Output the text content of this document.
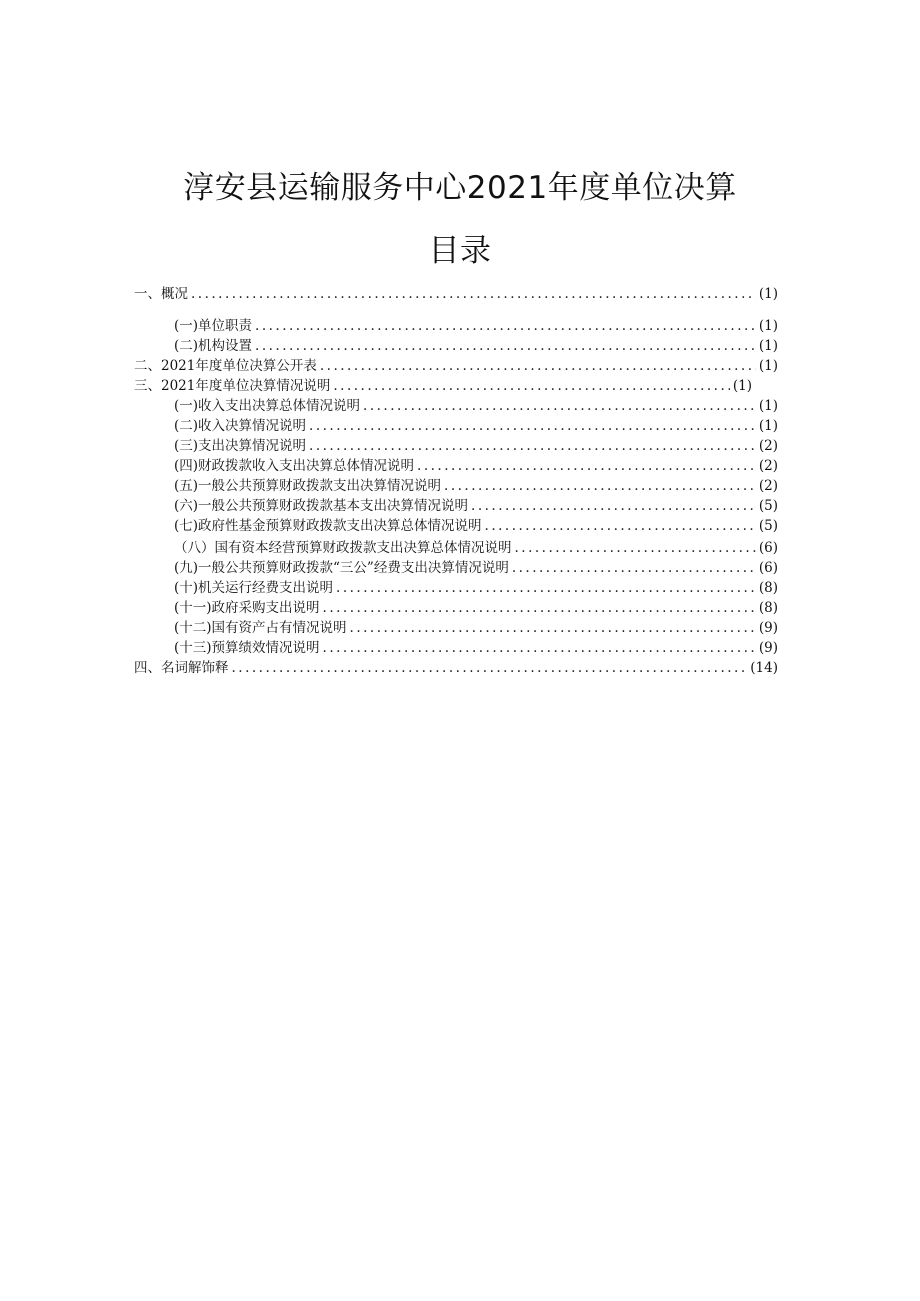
淳安县运输服务中心2021年度单位决算
目录
一、概况 .....	(1)
(一)单位职责 .....	(1)
(二)机构设置 .....	(1)
二、2021年度单位决算公开表 .....	(1)
三、2021年度单位决算情况说明 .....	(1)
(一)收入支出决算总体情况说明 .....	(1)
(二)收入决算情况说明 .....	(1)
(三)支出决算情况说明 .....	(2)
(四)财政拨款收入支出决算总体情况说明 .....	(2)
(五)一般公共预算财政拨款支出决算情况说明 .....	(2)
(六)一般公共预算财政拨款基本支出决算情况说明 .....	(5)
(七)政府性基金预算财政拨款支出决算总体情况说明 .....	(5)
（八）国有资本经营预算财政拨款支出决算总体情况说明 .....	(6)
(九)一般公共预算财政拨款“三公”经费支出决算情况说明 .....	(6)
(十)机关运行经费支出说明 .....	(8)
(十一)政府采购支出说明 .....	(8)
(十二)国有资产占有情况说明 .....	(9)
(十三)预算绩效情况说明 .....	(9)
四、名词解饰释 .....	(14)
